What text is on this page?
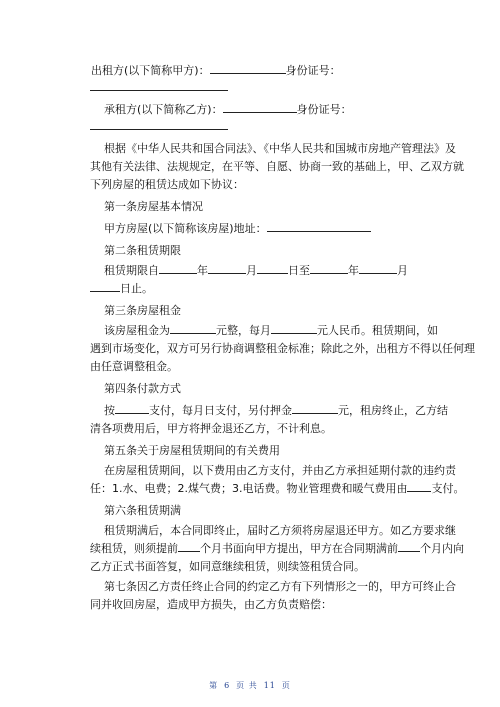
出租方(以下简称甲方)：	身份证号：
承租方(以下简称乙方)：	身份证号：
根据《中华人民共和国合同法》、《中华人民共和国城市房地产管理法》及
其他有关法律、法规规定，在平等、自愿、协商一致的基础上，甲、乙双方就
下列房屋的租赁达成如下协议：
第一条房屋基本情况
甲方房屋(以下简称该房屋)地址：
第二条租赁期限
租赁期限自	年	月	日至	年	月
日止。
第三条房屋租金
该房屋租金为	元整，每月	元人民币。租赁期间，如
遇到市场变化，双方可另行协商调整租金标准；除此之外，出租方不得以任何理
由任意调整租金。
第四条付款方式
按	支付，每月日支付，另付押金	元，租房终止，乙方结
清各项费用后，甲方将押金退还乙方，不计利息。
第五条关于房屋租赁期间的有关费用
在房屋租赁期间，以下费用由乙方支付，并由乙方承担延期付款的违约责
任：1.水、电费；2.煤气费；3.电话费。物业管理费和暖气费用由 支付。
第六条租赁期满
租赁期满后，本合同即终止，届时乙方须将房屋退还甲方。如乙方要求继
续租赁，则须提前 个月书面向甲方提出，甲方在合同期满前 个月内向
乙方正式书面答复，如同意继续租赁，则续签租赁合同。
第七条因乙方责任终止合同的约定乙方有下列情形之一的，甲方可终止合
同并收回房屋，造成甲方损失，由乙方负责赔偿：
第 6 页 共 11 页
